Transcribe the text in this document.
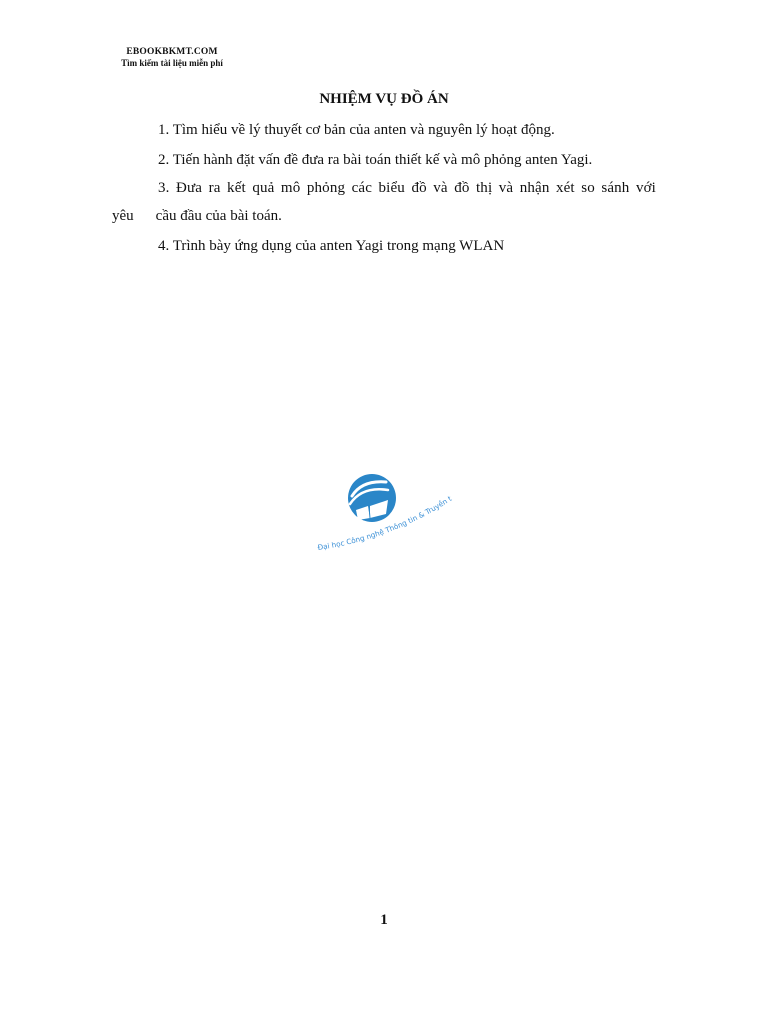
EBOOKBKMT.COM
Tìm kiếm tài liệu miễn phí
NHIỆM VỤ ĐỒ ÁN
1. Tìm hiểu về lý thuyết cơ bản của anten và nguyên lý hoạt động.
2. Tiến hành đặt vấn đề đưa ra bài toán thiết kế và mô phỏng anten Yagi.
3. Đưa ra kết quả mô phỏng các biểu đồ và đồ thị và nhận xét so sánh với
yêu cầu đầu của bài toán.
4. Trình bày ứng dụng của anten Yagi trong mạng WLAN
Đại học Công nghệ Thông tin & Truyền t
1
